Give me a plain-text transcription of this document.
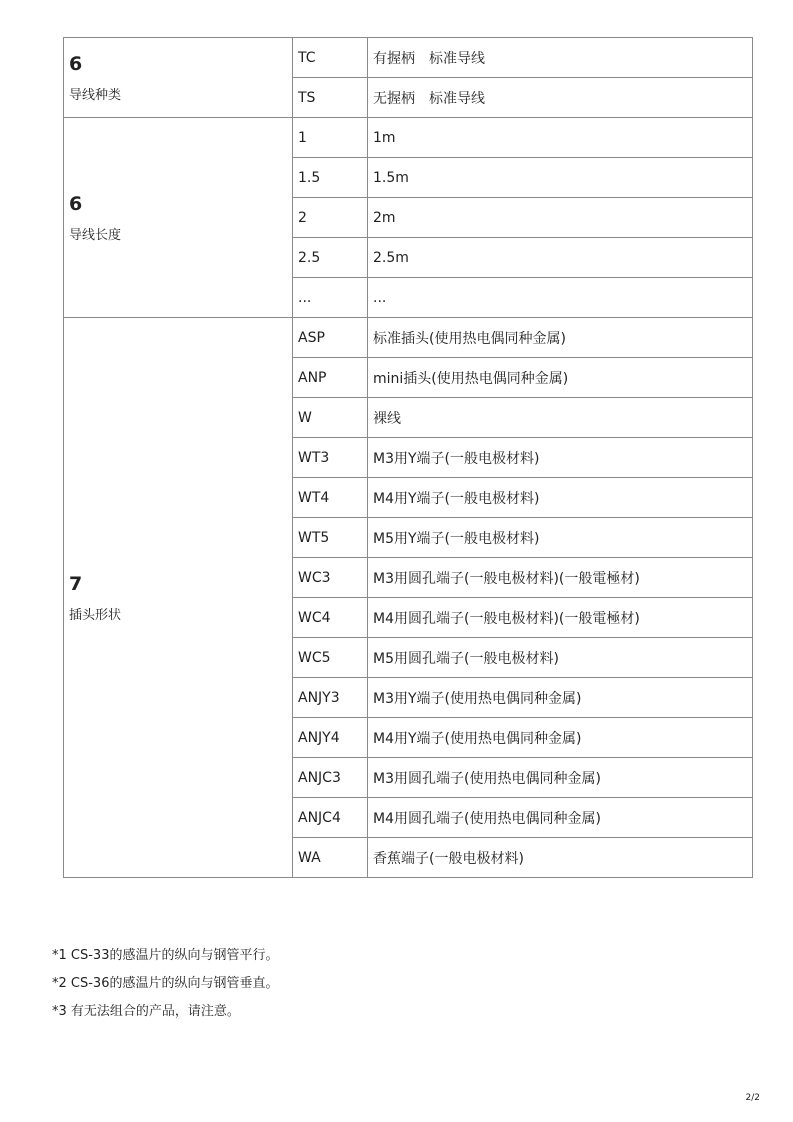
6
导线种类	TC	有握柄　标准导线
	TS	无握柄　标准导线

6
导线长度	1	1m
	1.5	1.5m
	2	2m
	2.5	2.5m
	...	...

7
插头形状	ASP	标准插头(使用热电偶同种金属)
	ANP	mini插头(使用热电偶同种金属)
	W	裸线
	WT3	M3用Y端子(一般电极材料)
	WT4	M4用Y端子(一般电极材料)
	WT5	M5用Y端子(一般电极材料)
	WC3	M3用圆孔端子(一般电极材料)(一般電極材)
	WC4	M4用圆孔端子(一般电极材料)(一般電極材)
	WC5	M5用圆孔端子(一般电极材料)
	ANJY3	M3用Y端子(使用热电偶同种金属)
	ANJY4	M4用Y端子(使用热电偶同种金属)
	ANJC3	M3用圆孔端子(使用热电偶同种金属)
	ANJC4	M4用圆孔端子(使用热电偶同种金属)
	WA	香蕉端子(一般电极材料)
*1 CS-33的感温片的纵向与钢管平行。
*2 CS-36的感温片的纵向与钢管垂直。
*3 有无法组合的产品，请注意。
2/2
